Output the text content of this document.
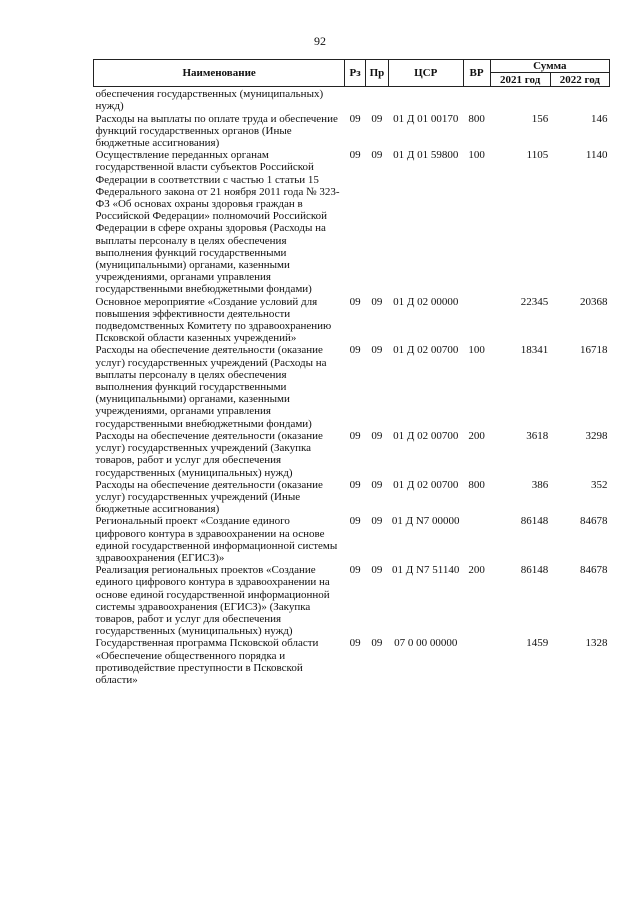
92
Наименование	Рз	Пр	ЦСР	ВР	Сумма	
					2021 год	2022 год
обеспечения государственных (муниципальных) нужд)						
Расходы на выплаты по оплате труда и обеспечение функций государственных органов (Иные бюджетные ассигнования)	09	09	01 Д 01 00170	800	156	146
Осуществление переданных органам государственной власти субъектов Российской Федерации в соответствии с частью 1 статьи 15 Федерального закона от 21 ноября 2011 года № 323-ФЗ «Об основах охраны здоровья граждан в Российской Федерации» полномочий Российской Федерации в сфере охраны здоровья (Расходы на выплаты персоналу в целях обеспечения выполнения функций государственными (муниципальными) органами, казенными учреждениями, органами управления государственными внебюджетными фондами)	09	09	01 Д 01 59800	100	1105	1140
Основное мероприятие «Создание условий для повышения эффективности деятельности подведомственных Комитету по здравоохранению Псковской области казенных учреждений»	09	09	01 Д 02 00000		22345	20368
Расходы на обеспечение деятельности (оказание услуг) государственных учреждений (Расходы на выплаты персоналу в целях обеспечения выполнения функций государственными (муниципальными) органами, казенными учреждениями, органами управления государственными внебюджетными фондами)	09	09	01 Д 02 00700	100	18341	16718
Расходы на обеспечение деятельности (оказание услуг) государственных учреждений (Закупка товаров, работ и услуг для обеспечения государственных (муниципальных) нужд)	09	09	01 Д 02 00700	200	3618	3298
Расходы на обеспечение деятельности (оказание услуг) государственных учреждений (Иные бюджетные ассигнования)	09	09	01 Д 02 00700	800	386	352
Региональный проект «Создание единого цифрового контура в здравоохранении на основе единой государственной информационной системы здравоохранения (ЕГИСЗ)»	09	09	01 Д N7 00000		86148	84678
Реализация региональных проектов «Создание единого цифрового контура в здравоохранении на основе единой государственной информационной системы здравоохранения (ЕГИСЗ)» (Закупка товаров, работ и услуг для обеспечения государственных (муниципальных) нужд)	09	09	01 Д N7 51140	200	86148	84678
Государственная программа Псковской области «Обеспечение общественного порядка и противодействие преступности в Псковской области»	09	09	07 0 00 00000		1459	1328
